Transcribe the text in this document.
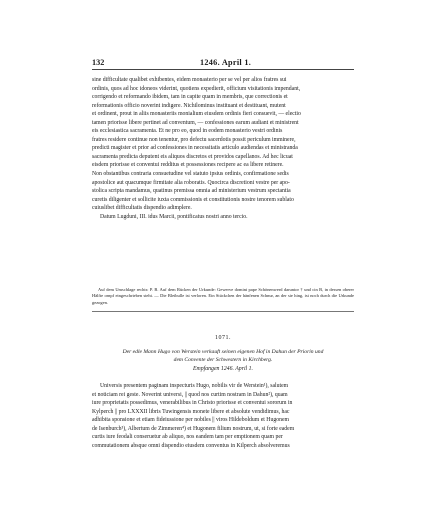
132	1246. April 1.

sine difficultate qualibet exhibentes, eidem monasterio per se vel per alios fratres sui

ordinis, quos ad hoc idoneos viderint, quotiens expedierit, officium visitationis impendant,

corrigendo et reformando ibidem, tam in capite quam in membris, que correctionis et

reformationis officio noverint indigere. Nichilominus instituant et destituant, mutent

et ordinent, prout in aliis monasteriis monialium eiusdem ordinis fieri consuevit, — electio

tamen priorisse libere pertinet ad conventum, — confessiones earum audiant et ministrent

eis ecclesiastica sacramenta. Et ne pro eo, quod in eodem monasterio vestri ordinis

fratres residere continue non tenentur, pro defectu sacerdotis possit periculum imminere,

predicti magister et prior ad confessiones in necessitatis articulo audiendas et ministranda

sacramenta predicta deputent eis aliquos discretos et providos capellanos. Ad hec licuat

eisdem priorisse et conventui redditus et possessiones recipere ac ea libere retinere.

Non obstantibus contraria consuetudine vel statuto ipsius ordinis, confirmatione sedis

apostolice aut quacumque firmitate alia roboratis. Quocirca discretioni vestre per apo-

stolica scripta mandamus, quatinus premissa omnia ad ministerium vestrum spectantia

curetis diligenter et sollicite iuxta commissionis et constitutionis nostre tenorem sublato

cuiuslibet difficultatis dispendio adimplere.

Datum Lugduni, III. idus Marcii, pontificatus nostri anno tercio.

Auf dem Umschlage rechts: P. B. Auf dem Rücken der Urkunde: Gewerve domini pape Schönenwerd daruntor † und cin B, in dessen oberer Hälfte ornpf eingeschrieben steht. — Die Bleibulle ist verloren. Ein Stückchen der hänfenen Schnur, an der sie hing, ist noch durch die Urkunde gezogen.

1071.
Der edle Mann Hugo von Werstein verkauft seinen eigenen Hof in Dahun der Priorin und
dem Convente der Schwestern in Kirchberg.
Empfangen 1246. April 1.

Universis presentem paginam inspecturis Hugo, nobilis vir de Werstein¹), salutem

et noticiam rei geste. Noverint universi, || quod nos curtim nostram in Dahun²), quam

iure proprietatis possedimus, venerabilibus in Christo priorisse et conventui sororum in

Kylperch || pro LXXXII libris Tuwingensis monete libere et absolute vendidimus, hac

adhibita sponsione et etiam fideiussione per nobiles || viros Hildeboldum et Hugonem

de Isenburch³), Albertum de Zimmeren⁴) et Hugonem filium nostrum, ut, si forte eadem

curtis iure feodali conseruetur ab aliquo, nos eandem tam per emptionem quam per

commutationem absque omni dispendio eiusdem conventus in Kilperch absolveremus
